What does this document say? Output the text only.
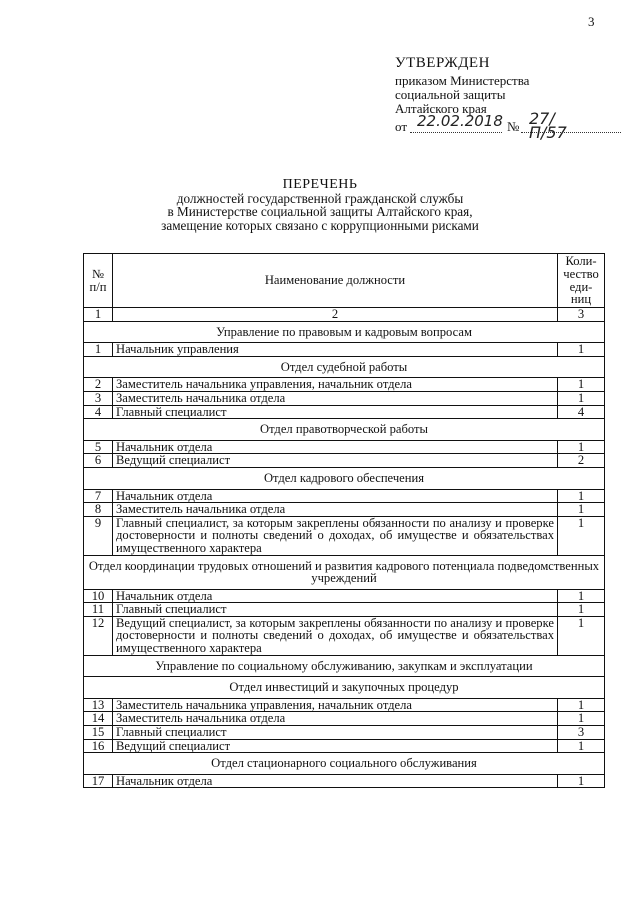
3
УТВЕРЖДЕН
приказом Министерства
социальной защиты
Алтайского края
от 22.02.2018 № 27/П/57
ПЕРЕЧЕНЬ
должностей государственной гражданской службы
в Министерстве социальной защиты Алтайского края,
замещение которых связано с коррупционными рисками
№ п/п	Наименование должности	Коли-чество еди-ниц
1	2	3
Управление по правовым и кадровым вопросам		
1	Начальник управления	1
Отдел судебной работы		
2	Заместитель начальника управления, начальник отдела	1
3	Заместитель начальника отдела	1
4	Главный специалист	4
Отдел правотворческой работы		
5	Начальник отдела	1
6	Ведущий специалист	2
Отдел кадрового обеспечения		
7	Начальник отдела	1
8	Заместитель начальника отдела	1
9	Главный специалист, за которым закреплены обязанности по анализу и проверке достоверности и полноты сведений о доходах, об имуществе и обязательствах имущественного характера	1
Отдел координации трудовых отношений и развития кадрового потенциала подведомственных учреждений		
10	Начальник отдела	1
11	Главный специалист	1
12	Ведущий специалист, за которым закреплены обязанности по анализу и проверке достоверности и полноты сведений о доходах, об имуществе и обязательствах имущественного характера	1
Управление по социальному обслуживанию, закупкам и эксплуатации		
Отдел инвестиций и закупочных процедур		
13	Заместитель начальника управления, начальник отдела	1
14	Заместитель начальника отдела	1
15	Главный специалист	3
16	Ведущий специалист	1
Отдел стационарного социального обслуживания		
17	Начальник отдела	1
